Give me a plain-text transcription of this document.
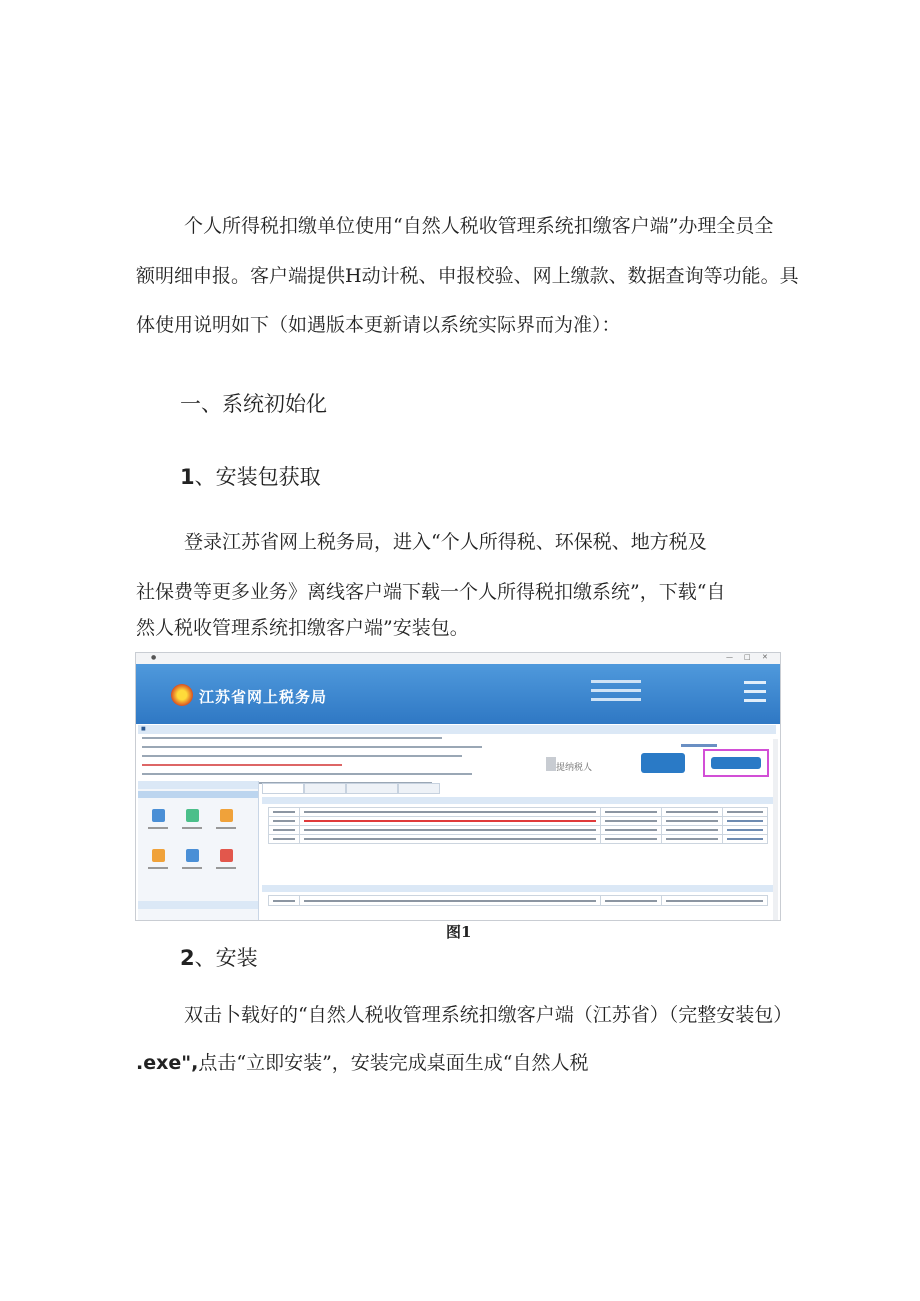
个人所得税扣缴单位使用“自然人税收管理系统扣缴客户端”办理全员全
额明细申报。客户端提供H动计税、申报校验、网上缴款、数据查询等功能。具
体使用说明如下（如遇版本更新请以系统实际界而为准）：
一、系统初始化
1、安装包获取
登录江苏省网上税务局，进入“个人所得税、环保税、地方税及
社保费等更多业务》离线客户端下载一个人所得税扣缴系统”，下载“自
然人税收管理系统扣缴客户端”安装包。
●	— □ ✕
江苏省网上税务局
■
提纳税人

图1
2、安装
双击卜载好的“自然人税收管理系统扣缴客户端（江苏省）（完整安装包）
.exe",点击“立即安装”，安装完成桌面生成“自然人税
